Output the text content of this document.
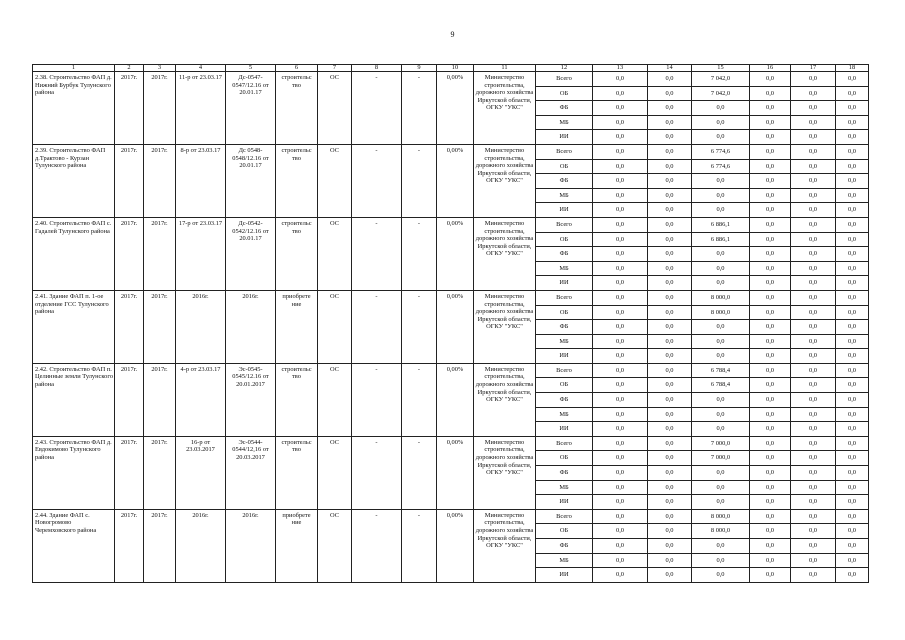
9
1	2	3	4	5	6	7	8	9	10	11	12	13	14	15	16	17	18
2.38. Строительство ФАП д. Нижний Бурбук Тулунского района	2017г.	2017г.	11-р от 23.03.17	Дс-0547-0547/12.16 от 20.01.17	строительс тво	ОС	-	-	0,00%	Министерство строительства, дорожного хозяйства Иркутской области, ОГКУ "УКС"	Всего	0,0	0,0	7 042,0	0,0	0,0	0,0
											ОБ	0,0	0,0	7 042,0	0,0	0,0	0,0
											ФБ	0,0	0,0	0,0	0,0	0,0	0,0
											МБ	0,0	0,0	0,0	0,0	0,0	0,0
											ИИ	0,0	0,0	0,0	0,0	0,0	0,0
2.39. Строительство ФАП д.Трактово - Курзан Тулунского района	2017г.	2017г.	8-р от 23.03.17	Дс 0548-0548/12.16 от 20.01.17	строительс тво	ОС	-	-	0,00%	Министерство строительства, дорожного хозяйства Иркутской области, ОГКУ "УКС"	Всего	0,0	0,0	6 774,6	0,0	0,0	0,0
											ОБ	0,0	0,0	6 774,6	0,0	0,0	0,0
											ФБ	0,0	0,0	0,0	0,0	0,0	0,0
											МБ	0,0	0,0	0,0	0,0	0,0	0,0
											ИИ	0,0	0,0	0,0	0,0	0,0	0,0
2.40. Строительство ФАП с. Гадалей Тулунского района	2017г.	2017г.	17-р от 23.03.17	Дс-0542-0542/12.16 от 20.01.17	строительс тво	ОС	-	-	0,00%	Министерство строительства, дорожного хозяйства Иркутской области, ОГКУ "УКС"	Всего	0,0	0,0	6 886,1	0,0	0,0	0,0
											ОБ	0,0	0,0	6 886,1	0,0	0,0	0,0
											ФБ	0,0	0,0	0,0	0,0	0,0	0,0
											МБ	0,0	0,0	0,0	0,0	0,0	0,0
											ИИ	0,0	0,0	0,0	0,0	0,0	0,0
2.41. Здание ФАП п. 1-ое отделение ГСС Тулунского района	2017г.	2017г.	2016г.	2016г.	приобрете ние	ОС	-	-	0,00%	Министерство строительства, дорожного хозяйства Иркутской области, ОГКУ "УКС"	Всего	0,0	0,0	8 000,0	0,0	0,0	0,0
											ОБ	0,0	0,0	8 000,0	0,0	0,0	0,0
											ФБ	0,0	0,0	0,0	0,0	0,0	0,0
											МБ	0,0	0,0	0,0	0,0	0,0	0,0
											ИИ	0,0	0,0	0,0	0,0	0,0	0,0
2.42. Строительство ФАП п. Целинные земли Тулунского района	2017г.	2017г.	4-р от 23.03.17	Эс-0545-0545/12.16 от 20.01.2017	строительс тво	ОС	-	-	0,00%	Министерство строительства, дорожного хозяйства Иркутской области, ОГКУ "УКС"	Всего	0,0	0,0	6 788,4	0,0	0,0	0,0
											ОБ	0,0	0,0	6 788,4	0,0	0,0	0,0
											ФБ	0,0	0,0	0,0	0,0	0,0	0,0
											МБ	0,0	0,0	0,0	0,0	0,0	0,0
											ИИ	0,0	0,0	0,0	0,0	0,0	0,0
2.43. Строительство ФАП д. Евдокимово Тулунского района	2017г.	2017г.	16-р от 23.03.2017	Эс-0544-0544/12,16 от 20.03.2017	строительс тво	ОС	-	-	0,00%	Министерство строительства, дорожного хозяйства Иркутской области, ОГКУ "УКС"	Всего	0,0	0,0	7 000,0	0,0	0,0	0,0
											ОБ	0,0	0,0	7 000,0	0,0	0,0	0,0
											ФБ	0,0	0,0	0,0	0,0	0,0	0,0
											МБ	0,0	0,0	0,0	0,0	0,0	0,0
											ИИ	0,0	0,0	0,0	0,0	0,0	0,0
2.44. Здание ФАП с. Новогромово Черемховского района	2017г.	2017г.	2016г.	2016г.	приобрете ние	ОС	-	-	0,00%	Министерство строительства, дорожного хозяйства Иркутской области, ОГКУ "УКС"	Всего	0,0	0,0	8 000,0	0,0	0,0	0,0
											ОБ	0,0	0,0	8 000,0	0,0	0,0	0,0
											ФБ	0,0	0,0	0,0	0,0	0,0	0,0
											МБ	0,0	0,0	0,0	0,0	0,0	0,0
											ИИ	0,0	0,0	0,0	0,0	0,0	0,0
